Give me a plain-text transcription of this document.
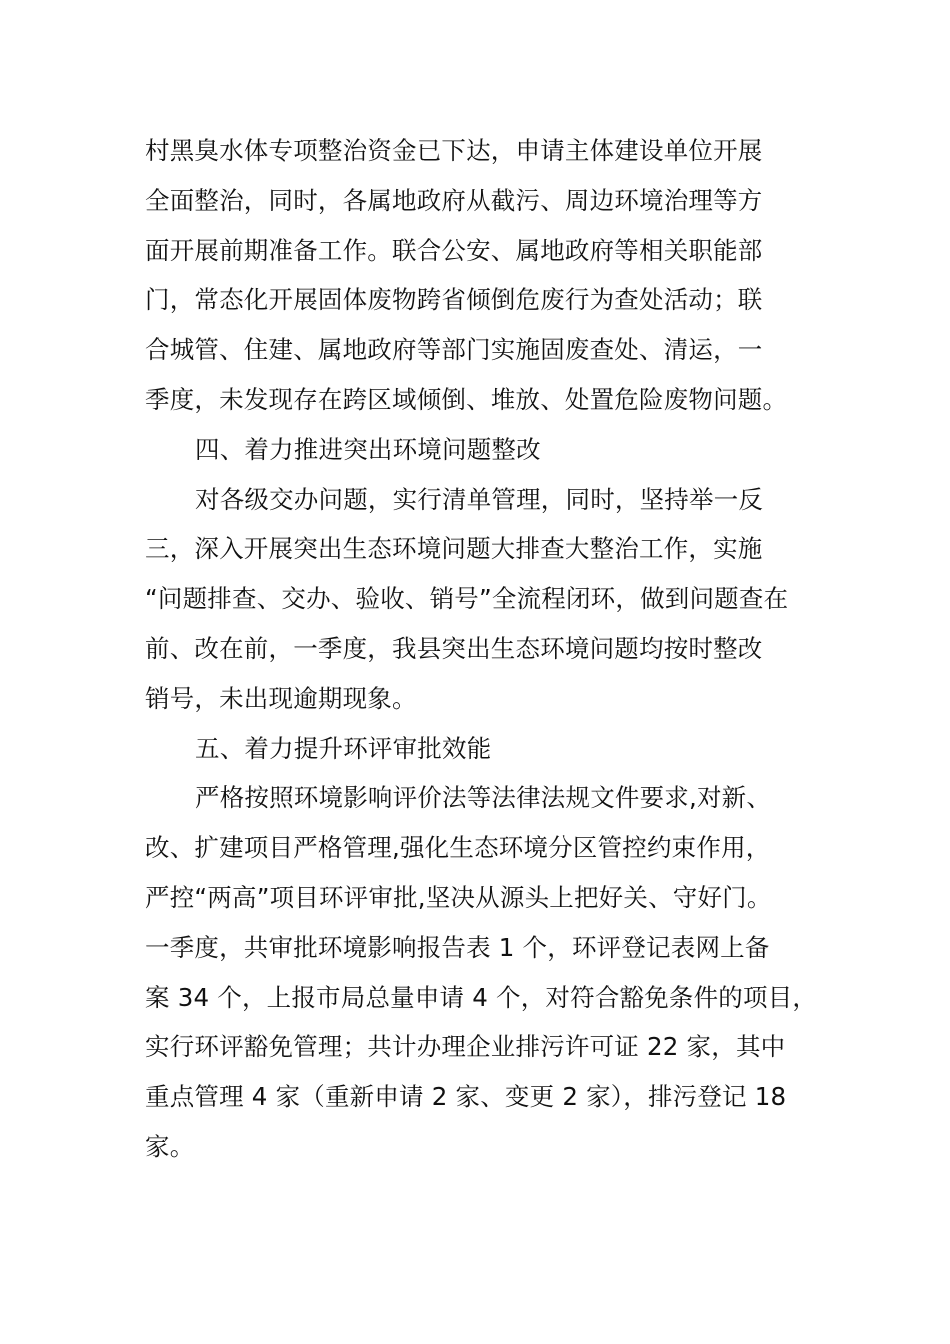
村黑臭水体专项整治资金已下达，申请主体建设单位开展
全面整治，同时，各属地政府从截污、周边环境治理等方
面开展前期准备工作。联合公安、属地政府等相关职能部
门，常态化开展固体废物跨省倾倒危废行为查处活动；联
合城管、住建、属地政府等部门实施固废查处、清运，一
季度，未发现存在跨区域倾倒、堆放、处置危险废物问题。
四、着力推进突出环境问题整改
对各级交办问题，实行清单管理，同时，坚持举一反
三，深入开展突出生态环境问题大排查大整治工作，实施
“问题排查、交办、验收、销号”全流程闭环，做到问题查在
前、改在前，一季度，我县突出生态环境问题均按时整改
销号，未出现逾期现象。
五、着力提升环评审批效能
严格按照环境影响评价法等法律法规文件要求,对新、
改、扩建项目严格管理,强化生态环境分区管控约束作用，
严控“两高”项目环评审批,坚决从源头上把好关、守好门。
一季度，共审批环境影响报告表 1 个，环评登记表网上备
案 34 个，上报市局总量申请 4 个，对符合豁免条件的项目，
实行环评豁免管理；共计办理企业排污许可证 22 家，其中
重点管理 4 家（重新申请 2 家、变更 2 家），排污登记 18
家。
